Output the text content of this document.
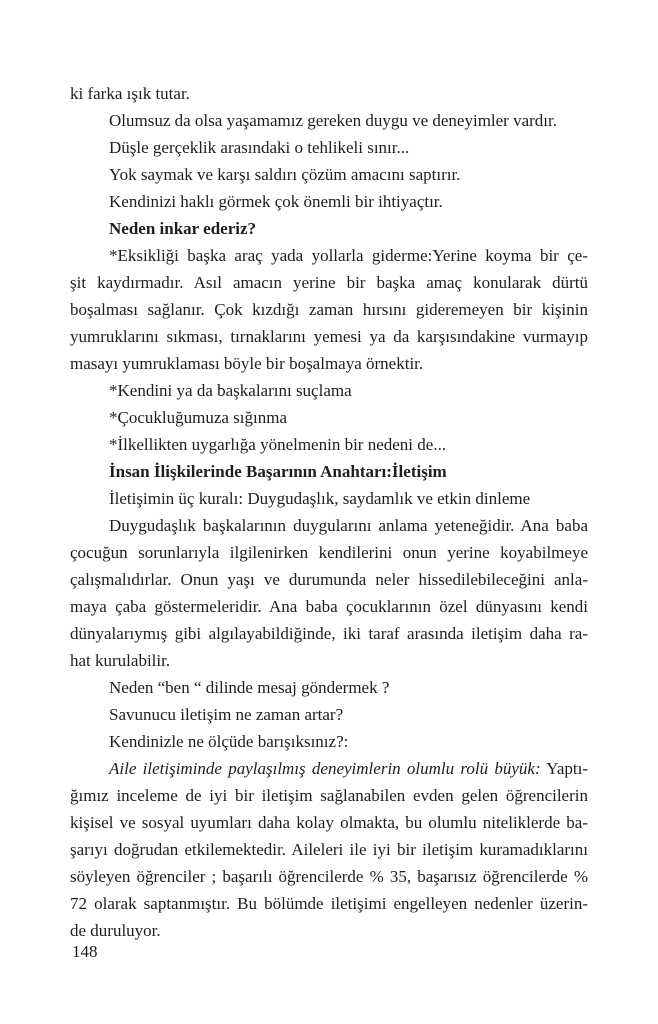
ki farka ışık tutar.
Olumsuz da olsa yaşamamız gereken duygu ve deneyimler vardır.
Düşle gerçeklik arasındaki o tehlikeli sınır...
Yok saymak ve karşı saldırı çözüm amacını saptırır.
Kendinizi haklı görmek çok önemli bir ihtiyaçtır.
Neden inkar ederiz?
*Eksikliği başka araç yada yollarla giderme:Yerine koyma bir çe-
şit kaydırmadır. Asıl amacın yerine bir başka amaç konularak dürtü
boşalması sağlanır. Çok kızdığı zaman hırsını gideremeyen bir kişinin
yumruklarını sıkması, tırnaklarını yemesi ya da karşısındakine vurmayıp
masayı yumruklaması böyle bir boşalmaya örnektir.
*Kendini ya da başkalarını suçlama
*Çocukluğumuza sığınma
*İlkellikten uygarlığa yönelmenin bir nedeni de...
İnsan İlişkilerinde Başarının Anahtarı:İletişim
İletişimin üç kuralı: Duygudaşlık, saydamlık ve etkin dinleme
Duygudaşlık başkalarının duygularını anlama yeteneğidir. Ana baba
çocuğun sorunlarıyla ilgilenirken kendilerini onun yerine koyabilmeye
çalışmalıdırlar. Onun yaşı ve durumunda neler hissedilebileceğini anla-
maya çaba göstermeleridir. Ana baba çocuklarının özel dünyasını kendi
dünyalarıymış gibi algılayabildiğinde, iki taraf arasında iletişim daha ra-
hat kurulabilir.
Neden “ben “ dilinde mesaj göndermek ?
Savunucu iletişim ne zaman artar?
Kendinizle ne ölçüde barışıksınız?:
Aile iletişiminde paylaşılmış deneyimlerin olumlu rolü büyük: Yaptı-
ğımız inceleme de iyi bir iletişim sağlanabilen evden gelen öğrencilerin
kişisel ve sosyal uyumları daha kolay olmakta, bu olumlu niteliklerde ba-
şarıyı doğrudan etkilemektedir. Aileleri ile iyi bir iletişim kuramadıklarını
söyleyen öğrenciler ; başarılı öğrencilerde % 35, başarısız öğrencilerde %
72 olarak saptanmıştır. Bu bölümde iletişimi engelleyen nedenler üzerin-
de duruluyor.
148
